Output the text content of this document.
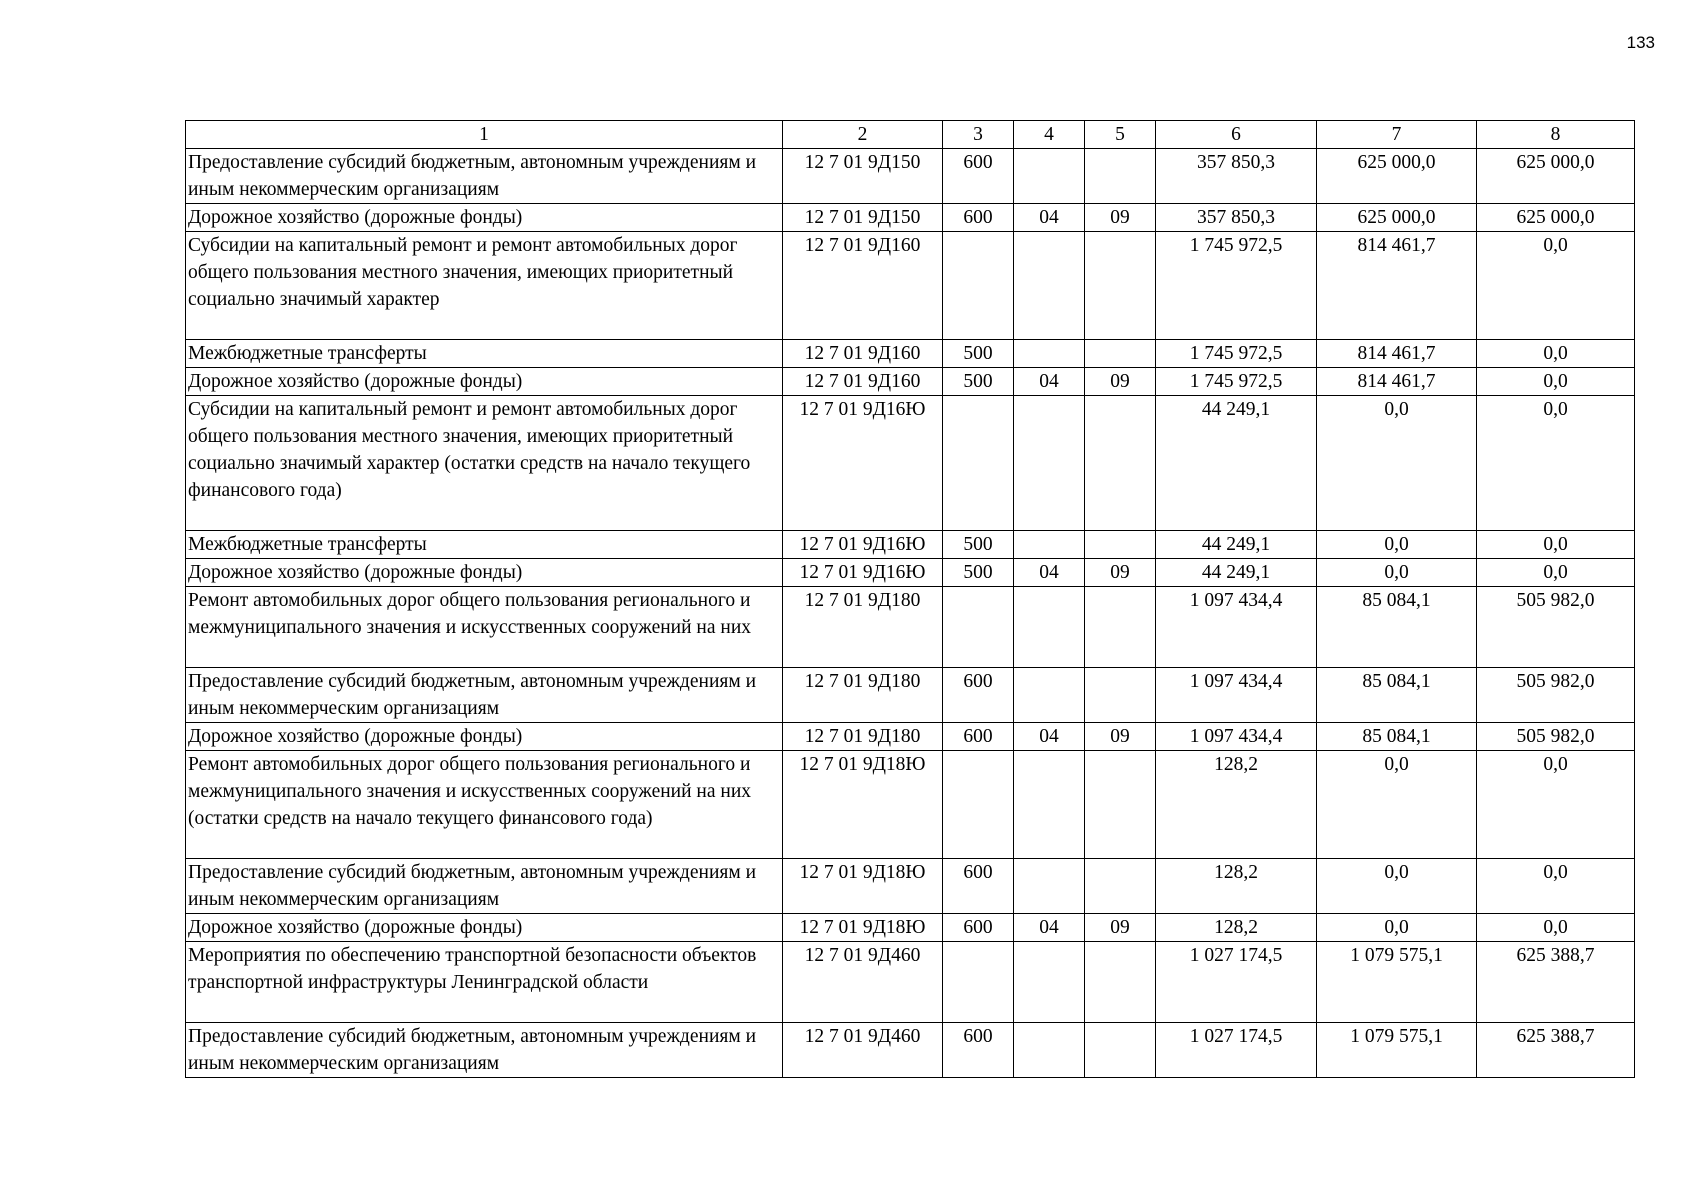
133
1	2	3	4	5	6	7	8
Предоставление субсидий бюджетным, автономным учреждениям и иным некоммерческим организациям	12 7 01 9Д150	600			357 850,3	625 000,0	625 000,0
Дорожное хозяйство (дорожные фонды)	12 7 01 9Д150	600	04	09	357 850,3	625 000,0	625 000,0
Субсидии на капитальный ремонт и ремонт автомобильных дорог общего пользования местного значения, имеющих приоритетный социально значимый характер	12 7 01 9Д160				1 745 972,5	814 461,7	0,0
Межбюджетные трансферты	12 7 01 9Д160	500			1 745 972,5	814 461,7	0,0
Дорожное хозяйство (дорожные фонды)	12 7 01 9Д160	500	04	09	1 745 972,5	814 461,7	0,0
Субсидии на капитальный ремонт и ремонт автомобильных дорог общего пользования местного значения, имеющих приоритетный социально значимый характер (остатки средств на начало текущего финансового года)	12 7 01 9Д16Ю				44 249,1	0,0	0,0
Межбюджетные трансферты	12 7 01 9Д16Ю	500			44 249,1	0,0	0,0
Дорожное хозяйство (дорожные фонды)	12 7 01 9Д16Ю	500	04	09	44 249,1	0,0	0,0
Ремонт автомобильных дорог общего пользования регионального и межмуниципального значения и искусственных сооружений на них	12 7 01 9Д180				1 097 434,4	85 084,1	505 982,0
Предоставление субсидий бюджетным, автономным учреждениям и иным некоммерческим организациям	12 7 01 9Д180	600			1 097 434,4	85 084,1	505 982,0
Дорожное хозяйство (дорожные фонды)	12 7 01 9Д180	600	04	09	1 097 434,4	85 084,1	505 982,0
Ремонт автомобильных дорог общего пользования регионального и межмуниципального значения и искусственных сооружений на них (остатки средств на начало текущего финансового года)	12 7 01 9Д18Ю				128,2	0,0	0,0
Предоставление субсидий бюджетным, автономным учреждениям и иным некоммерческим организациям	12 7 01 9Д18Ю	600			128,2	0,0	0,0
Дорожное хозяйство (дорожные фонды)	12 7 01 9Д18Ю	600	04	09	128,2	0,0	0,0
Мероприятия по обеспечению транспортной безопасности объектов транспортной инфраструктуры Ленинградской области	12 7 01 9Д460				1 027 174,5	1 079 575,1	625 388,7
Предоставление субсидий бюджетным, автономным учреждениям и иным некоммерческим организациям	12 7 01 9Д460	600			1 027 174,5	1 079 575,1	625 388,7
